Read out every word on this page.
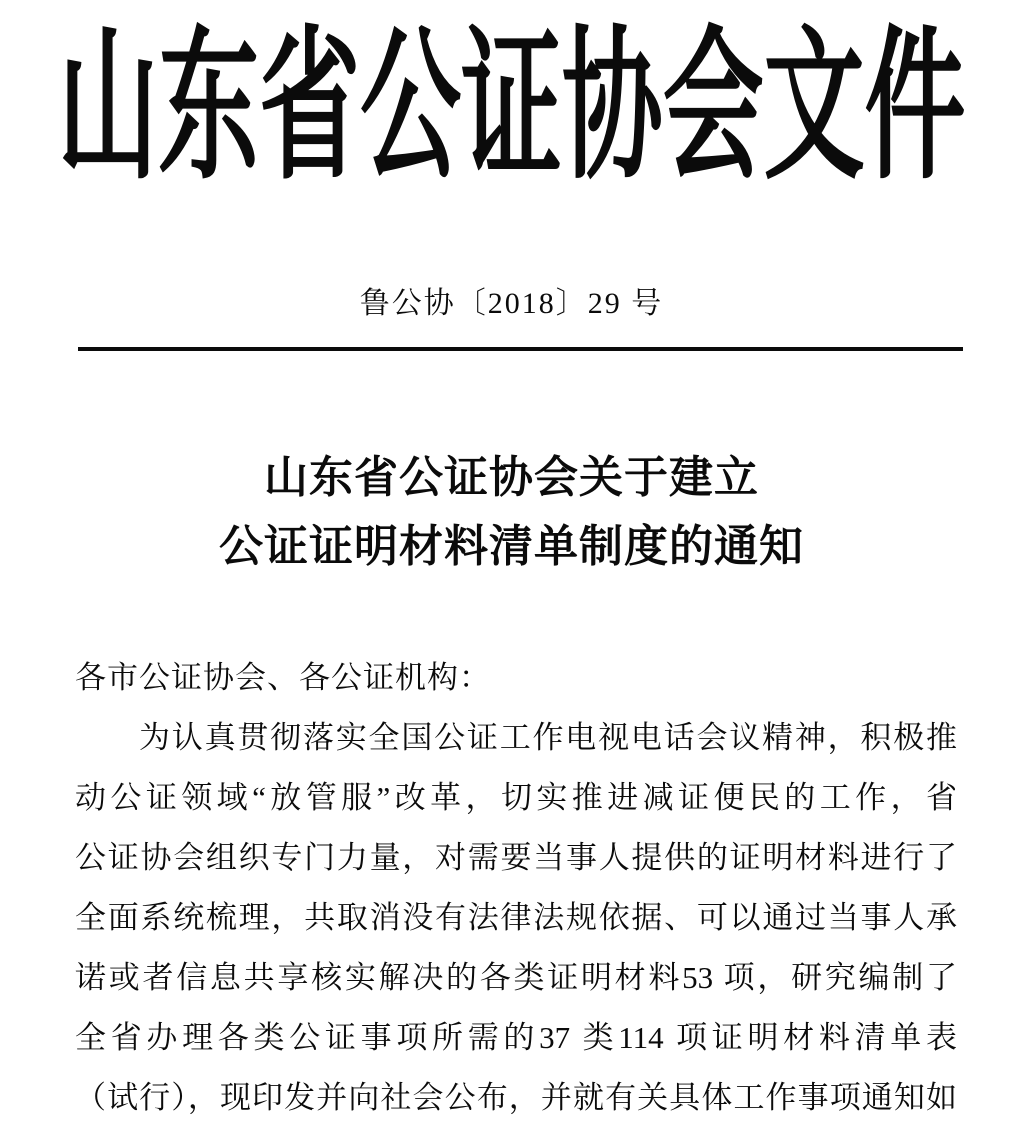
山东省公证协会文件
鲁公协〔2018〕29 号
山东省公证协会关于建立
公证证明材料清单制度的通知
各市公证协会、各公证机构：
为认真贯彻落实全国公证工作电视电话会议精神，积极推
动公证领域“放管服”改革，切实推进减证便民的工作，省
公证协会组织专门力量，对需要当事人提供的证明材料进行了
全面系统梳理，共取消没有法律法规依据、可以通过当事人承
诺或者信息共享核实解决的各类证明材料53 项，研究编制了
全省办理各类公证事项所需的37 类114 项证明材料清单表
（试行），现印发并向社会公布，并就有关具体工作事项通知如
